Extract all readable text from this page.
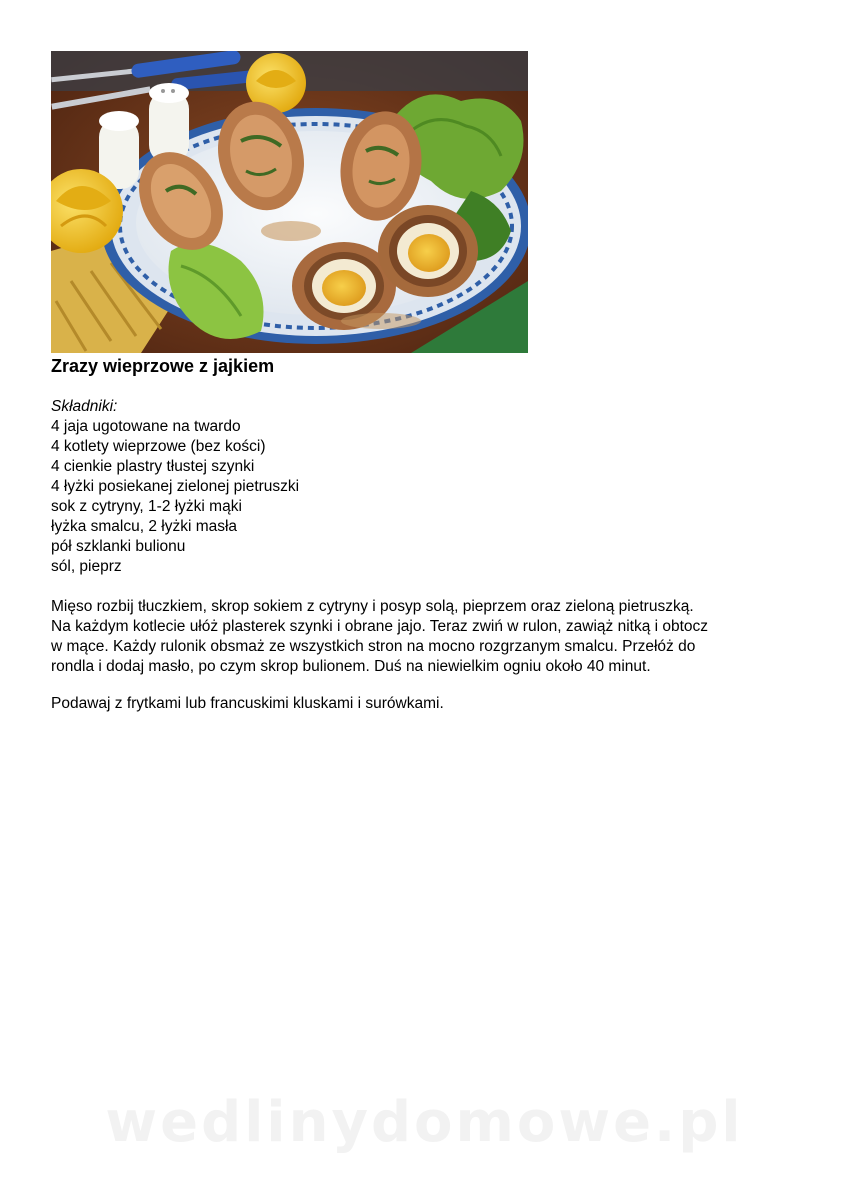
Zrazy wieprzowe z jajkiem
Składniki:
4 jaja ugotowane na twardo
4 kotlety wieprzowe (bez kości)
4 cienkie plastry tłustej szynki
4 łyżki posiekanej zielonej pietruszki
sok z cytryny, 1-2 łyżki mąki
łyżka smalcu, 2 łyżki masła
pół szklanki bulionu
sól, pieprz
Mięso rozbij tłuczkiem, skrop sokiem z cytryny i posyp solą, pieprzem oraz zieloną pietruszką.
Na każdym kotlecie ułóż plasterek szynki i obrane jajo. Teraz zwiń w rulon, zawiąż nitką i obtocz
w mące. Każdy rulonik obsmaż ze wszystkich stron na mocno rozgrzanym smalcu. Przełóż do
rondla i dodaj masło, po czym skrop bulionem. Duś na niewielkim ogniu około 40 minut.
Podawaj z frytkami lub francuskimi kluskami i surówkami.
wedlinydomowe.pl
